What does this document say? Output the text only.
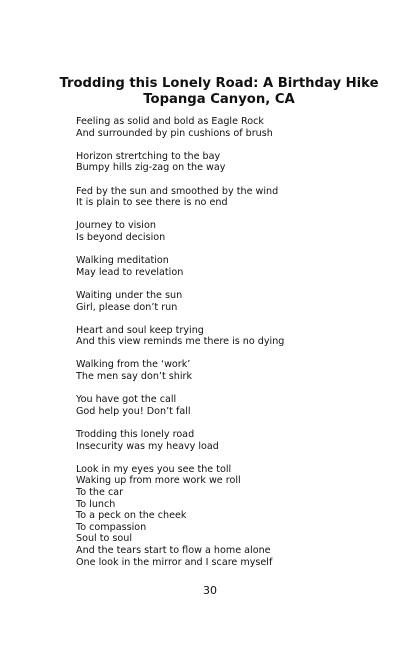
Trodding this Lonely Road: A Birthday Hike
Topanga Canyon, CA
Feeling as solid and bold as Eagle Rock
And surrounded by pin cushions of brush
Horizon strertching to the bay
Bumpy hills zig-zag on the way
Fed by the sun and smoothed by the wind
It is plain to see there is no end
Journey to vision
Is beyond decision
Walking meditation
May lead to revelation
Waiting under the sun
Girl, please don’t run
Heart and soul keep trying
And this view reminds me there is no dying
Walking from the ‘work’
The men say don’t shirk
You have got the call
God help you! Don’t fall
Trodding this lonely road
Insecurity was my heavy load
Look in my eyes you see the toll
Waking up from more work we roll
To the car
To lunch
To a peck on the cheek
To compassion
Soul to soul
And the tears start to flow a home alone
One look in the mirror and I scare myself
30
